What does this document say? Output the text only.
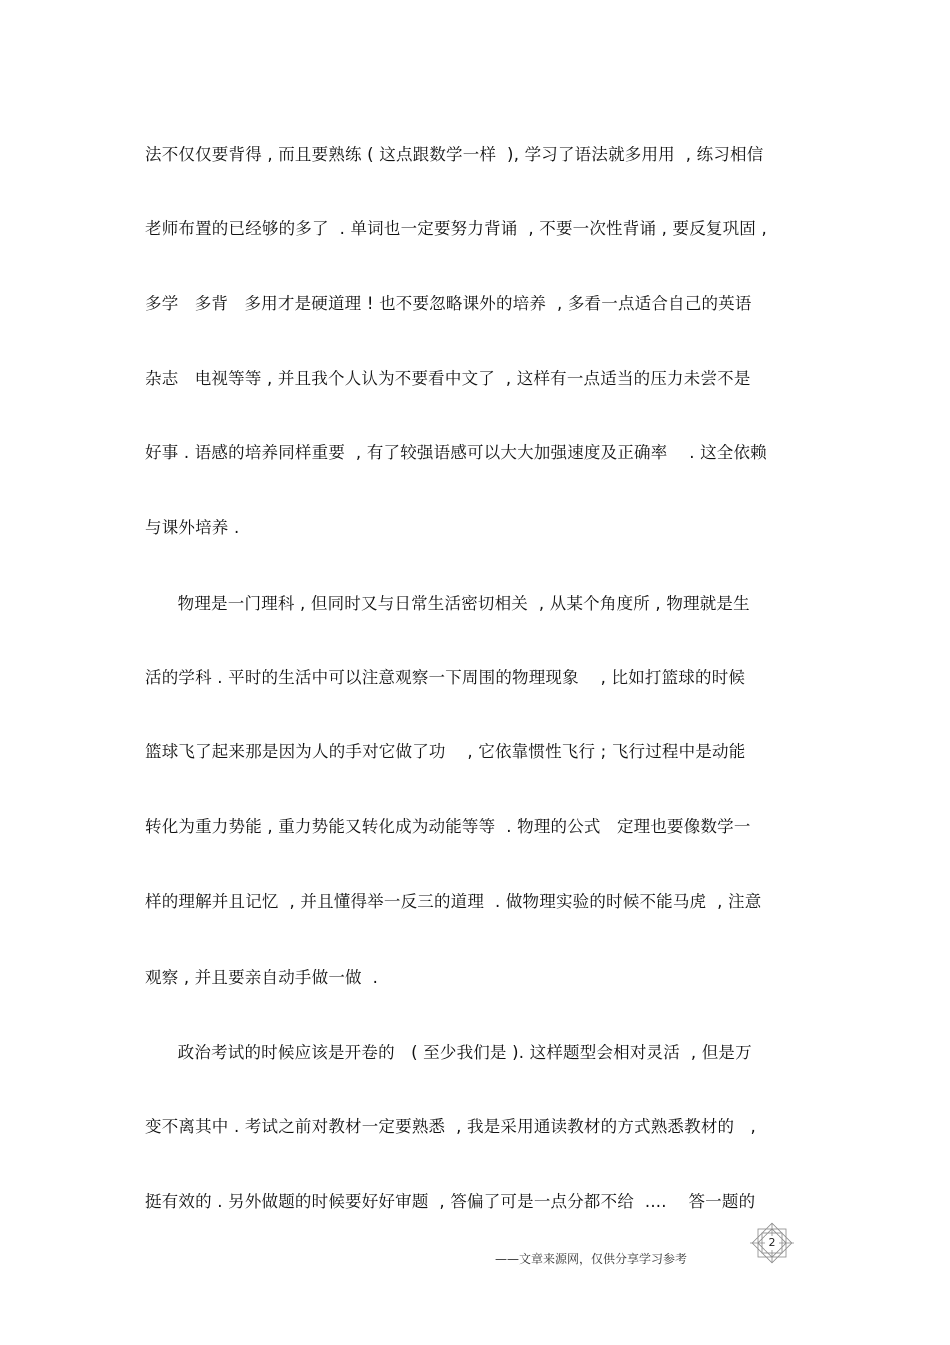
法不仅仅要背得 , 而且要熟练 ( 这点跟数学一样  ), 学习了语法就多用用  , 练习相信
老师布置的已经够的多了  . 单词也一定要努力背诵  , 不要一次性背诵 , 要反复巩固 ,
多学   多背   多用才是硬道理 ! 也不要忽略课外的培养  , 多看一点适合自己的英语
杂志   电视等等 , 并且我个人认为不要看中文了  , 这样有一点适当的压力未尝不是
好事 . 语感的培养同样重要  , 有了较强语感可以大大加强速度及正确率    . 这全依赖
与课外培养 .
物理是一门理科 , 但同时又与日常生活密切相关  , 从某个角度所 , 物理就是生
活的学科 . 平时的生活中可以注意观察一下周围的物理现象    , 比如打篮球的时候
篮球飞了起来那是因为人的手对它做了功    , 它依靠惯性飞行 ; 飞行过程中是动能
转化为重力势能 , 重力势能又转化成为动能等等  . 物理的公式   定理也要像数学一
样的理解并且记忆  , 并且懂得举一反三的道理  . 做物理实验的时候不能马虎  , 注意
观察 , 并且要亲自动手做一做  .
政治考试的时候应该是开卷的   ( 至少我们是 ). 这样题型会相对灵活  , 但是万
变不离其中 . 考试之前对教材一定要熟悉  , 我是采用通读教材的方式熟悉教材的   ,
挺有效的 . 另外做题的时候要好好审题  , 答偏了可是一点分都不给  ....    答一题的
2
——文章来源网，仅供分享学习参考
